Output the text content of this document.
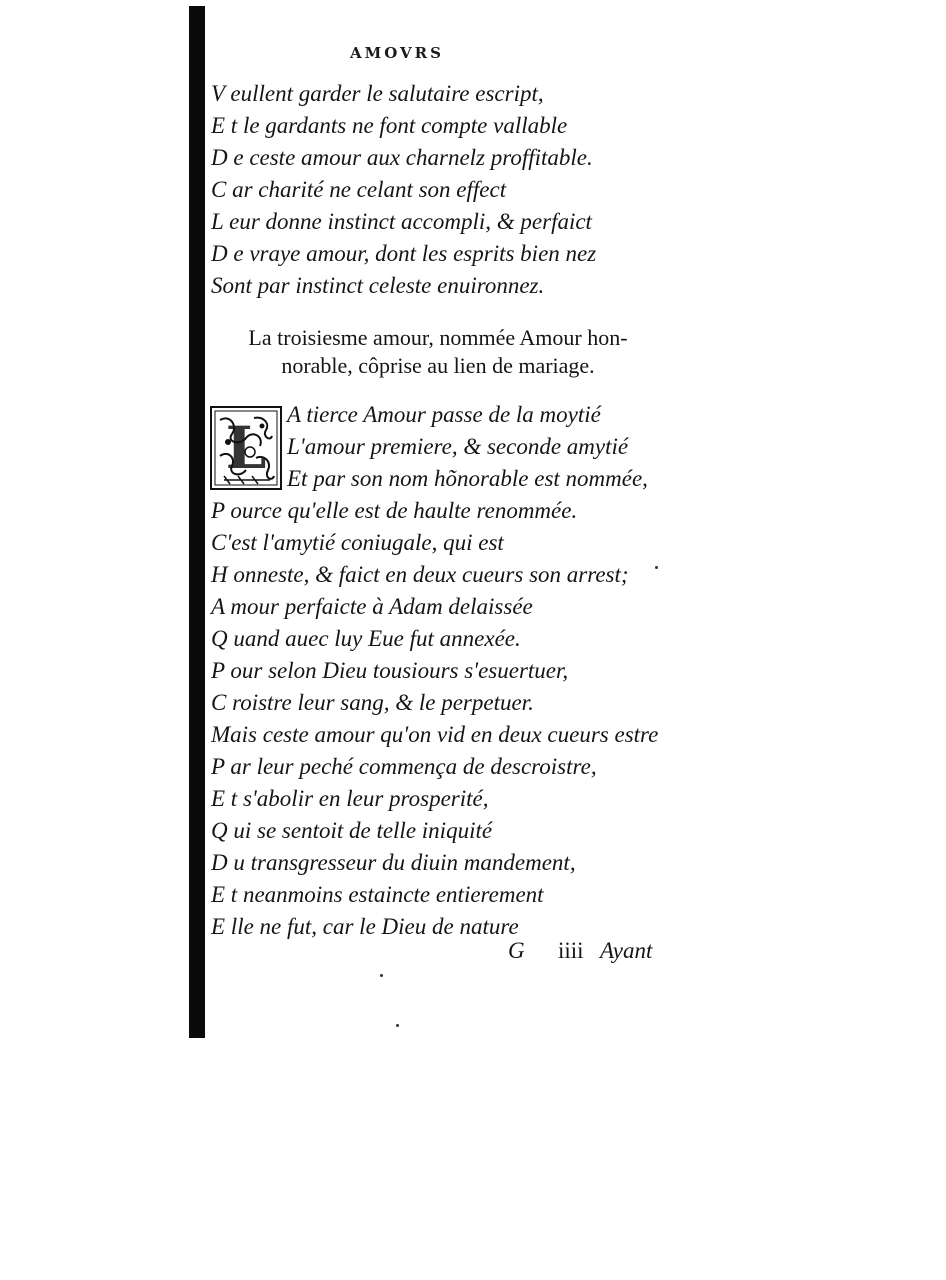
AMOVRS
V eullent garder le salutaire escript,
E t le gardants ne font compte vallable
D e ceste amour aux charnelz proffitable.
C ar charité ne celant son effect
L eur donne instinct accompli, & perfaict
D e vraye amour, dont les esprits bien nez
Sont par instinct celeste enuironnez.
La troisiesme amour, nommée Amour hon-
norable, côprise au lien de mariage.
L A tierce Amour passe de la moytié
L'amour premiere, & seconde amytié
Et par son nom hõnorable est nommée,
P ource qu'elle est de haulte renommée.
C'est l'amytié coniugale, qui est
H onneste, & faict en deux cueurs son arrest;
A mour perfaicte à Adam delaissée
Q uand auec luy Eue fut annexée.
P our selon Dieu tousiours s'esuertuer,
C roistre leur sang, & le perpetuer.
Mais ceste amour qu'on vid en deux cueurs estre
P ar leur peché commença de descroistre,
E t s'abolir en leur prosperité,
Q ui se sentoit de telle iniquité
D u transgresseur du diuin mandement,
E t neanmoins estaincte entierement
E lle ne fut, car le Dieu de nature
G iiii Ayant
